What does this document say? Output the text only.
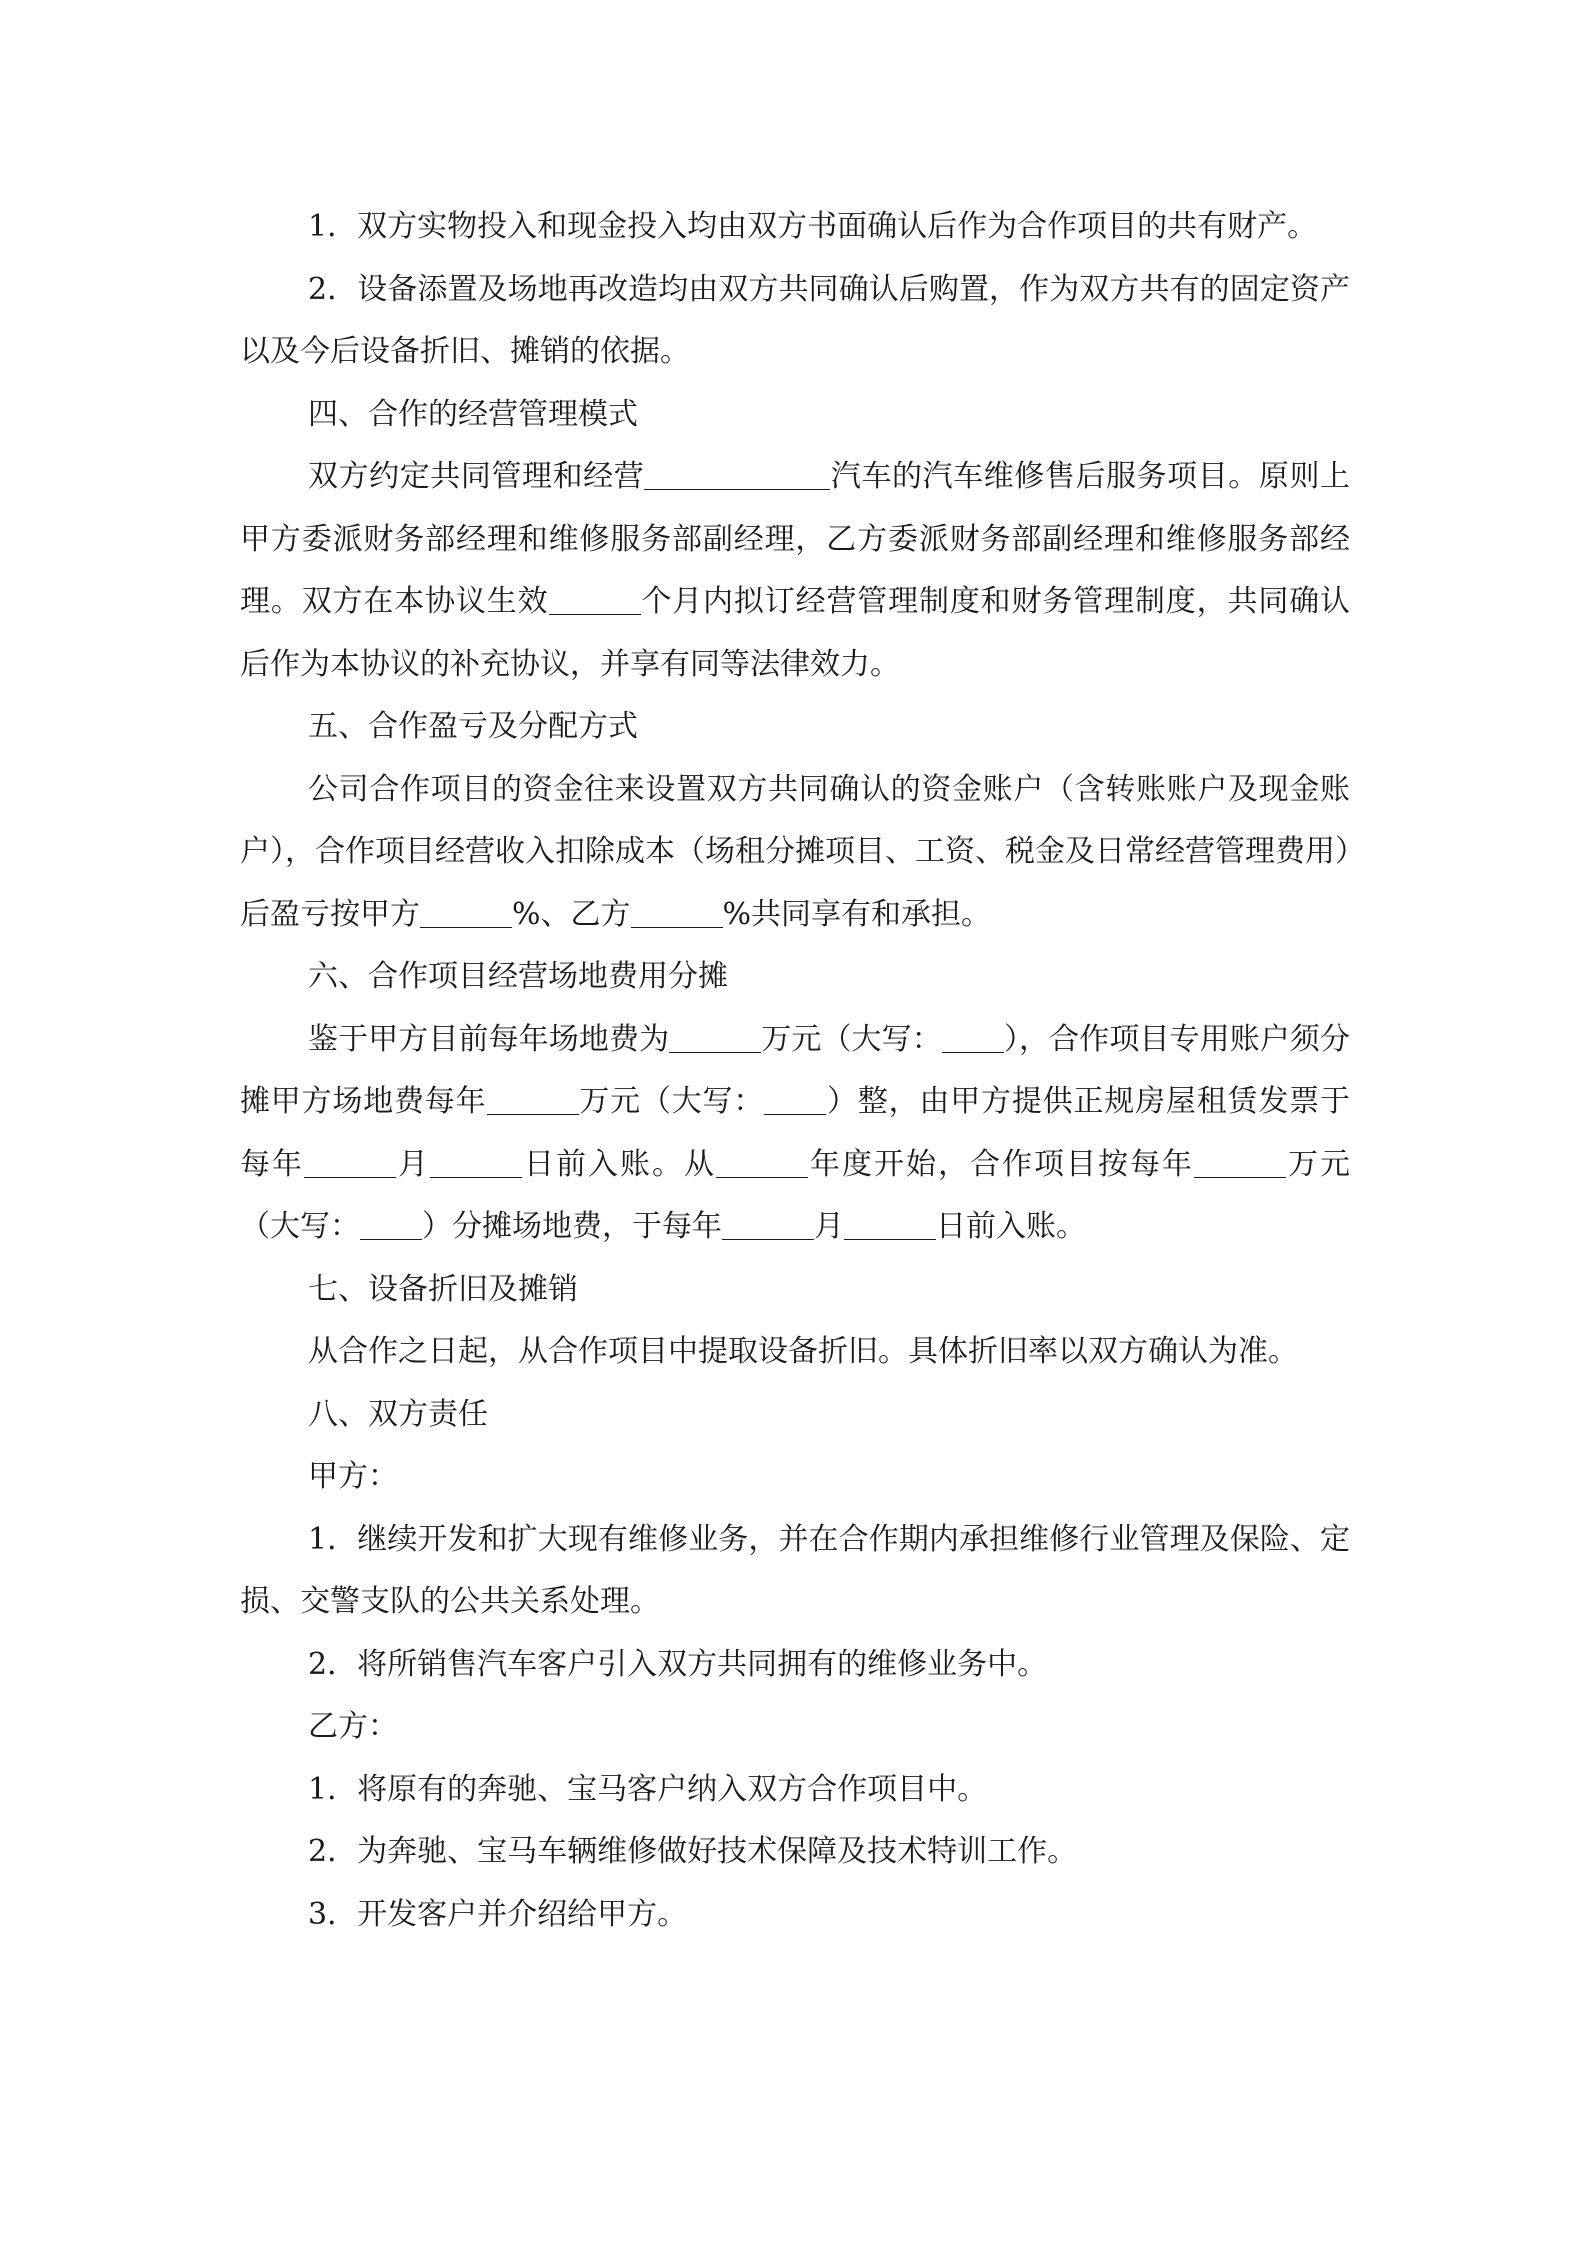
1．双方实物投入和现金投入均由双方书面确认后作为合作项目的共有财产。

2．设备添置及场地再改造均由双方共同确认后购置，作为双方共有的固定资产以及今后设备折旧、摊销的依据。

四、合作的经营管理模式

双方约定共同管理和经营	汽车的汽车维修售后服务项目。原则上甲方委派财务部经理和维修服务部副经理，乙方委派财务部副经理和维修服务部经理。双方在本协议生效	个月内拟订经营管理制度和财务管理制度，共同确认后作为本协议的补充协议，并享有同等法律效力。

五、合作盈亏及分配方式

公司合作项目的资金往来设置双方共同确认的资金账户（含转账账户及现金账户），合作项目经营收入扣除成本（场租分摊项目、工资、税金及日常经营管理费用）后盈亏按甲方	%、乙方	%共同享有和承担。

六、合作项目经营场地费用分摊

鉴于甲方目前每年场地费为	万元（大写： ），合作项目专用账户须分摊甲方场地费每年	万元（大写： ）整，由甲方提供正规房屋租赁发票于每年	月	日前入账。从	年度开始，合作项目按每年	万元（大写： ）分摊场地费，于每年	月	日前入账。

七、设备折旧及摊销

从合作之日起，从合作项目中提取设备折旧。具体折旧率以双方确认为准。

八、双方责任

甲方：

1．继续开发和扩大现有维修业务，并在合作期内承担维修行业管理及保险、定损、交警支队的公共关系处理。

2．将所销售汽车客户引入双方共同拥有的维修业务中。

乙方：

1．将原有的奔驰、宝马客户纳入双方合作项目中。

2．为奔驰、宝马车辆维修做好技术保障及技术特训工作。

3．开发客户并介绍给甲方。
